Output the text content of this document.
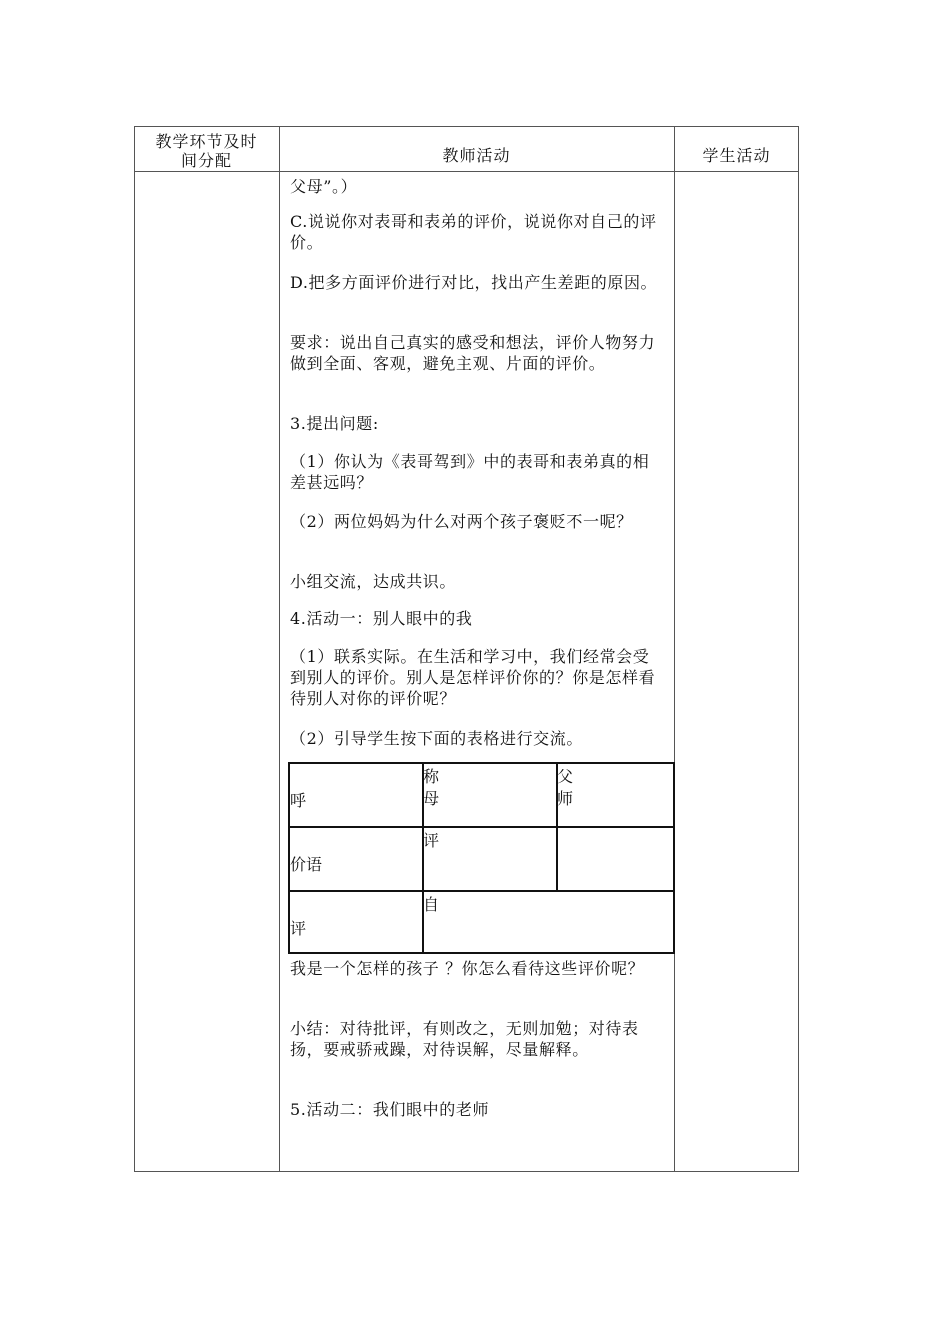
教学环节及时
间分配	教师活动	学生活动

父母”。）

C.说说你对表哥和表弟的评价，说说你对自己的评价。

D.把多方面评价进行对比，找出产生差距的原因。

要求：说出自己真实的感受和想法，评价人物努力做到全面、客观，避免主观、片面的评价。

3.提出问题:

（1）你认为《表哥驾到》中的表哥和表弟真的相差甚远吗？

（2）两位妈妈为什么对两个孩子褒贬不一呢？

小组交流，达成共识。

4.活动一：别人眼中的我

（1）联系实际。在生活和学习中，我们经常会受到别人的评价。别人是怎样评价你的？你是怎样看待别人对你的评价呢？

（2）引导学生按下面的表格进行交流。

呼
称
母
父
师
价语
评
评
自

我是一个怎样的孩子 ？你怎么看待这些评价呢？

小结：对待批评，有则改之，无则加勉；对待表扬，要戒骄戒躁，对待误解，尽量解释。

5.活动二：我们眼中的老师
